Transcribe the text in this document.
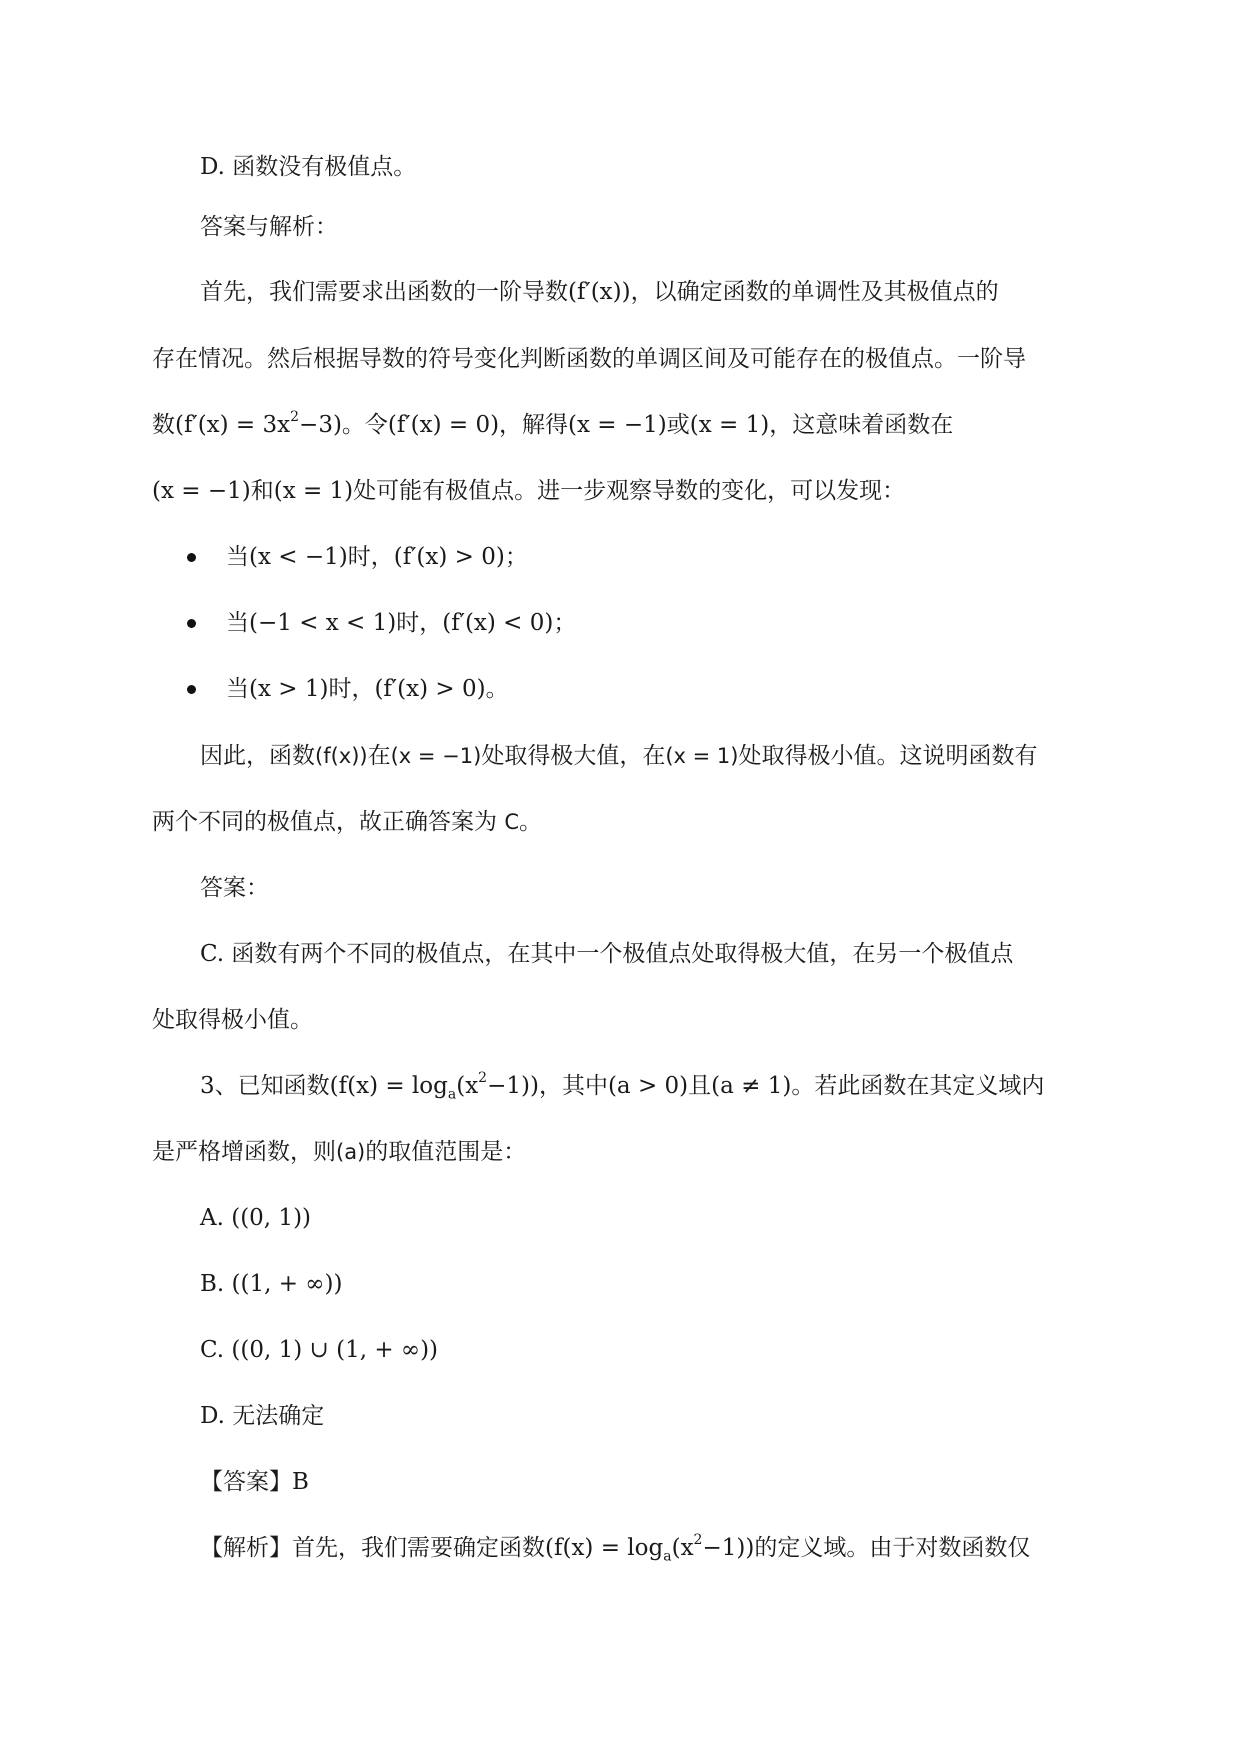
D. 函数没有极值点。
答案与解析：
首先，我们需要求出函数的一阶导数(f′(x))，以确定函数的单调性及其极值点的
存在情况。然后根据导数的符号变化判断函数的单调区间及可能存在的极值点。一阶导
数$(f'(x) = 3x^2-3)$。令(f′(x) = 0)，解得(x = −1)或(x = 1)，这意味着函数在
(x = −1)和(x = 1)处可能有极值点。进一步观察导数的变化，可以发现：
当(x < −1)时，(f′(x) > 0)；
当(−1 < x < 1)时，(f′(x) < 0)；
当(x > 1)时，(f′(x) > 0)。
因此，函数(f(x))在(x = −1)处取得极大值，在(x = 1)处取得极小值。这说明函数有
两个不同的极值点，故正确答案为 C。
答案：
C. 函数有两个不同的极值点，在其中一个极值点处取得极大值，在另一个极值点
处取得极小值。
3、已知函数$(f(x) = \log_a(x^2-1))$，其中(a > 0)且(a ≠ 1)。若此函数在其定义域内
是严格增函数，则(a)的取值范围是：
A. ((0, 1))
B. ((1, + ∞))
C. ((0, 1) ∪ (1, + ∞))
D. 无法确定
【答案】B
【解析】首先，我们需要确定函数$(f(x) = \log_a(x^2-1))$的定义域。由于对数函数仅
